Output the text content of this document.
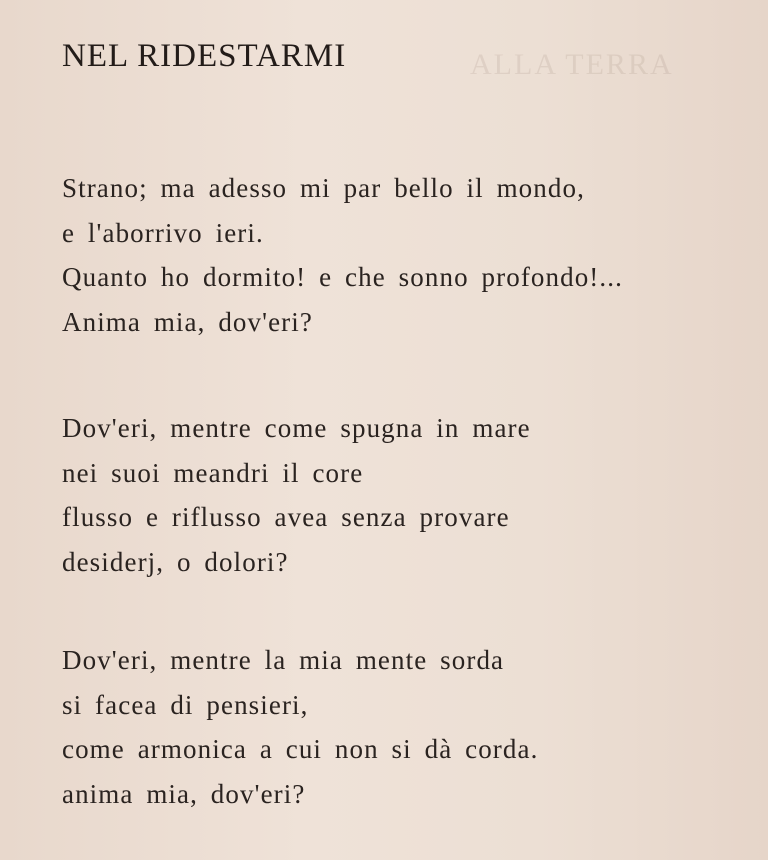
ALLA TERRA
NEL RIDESTARMI

Strano; ma adesso mi par bello il mondo,
e l'aborrivo ieri.
Quanto ho dormito! e che sonno profondo!...
Anima mia, dov'eri?

Dov'eri, mentre come spugna in mare
nei suoi meandri il core
flusso e riflusso avea senza provare
desiderj, o dolori?

Dov'eri, mentre la mia mente sorda
si facea di pensieri,
come armonica a cui non si dà corda.
anima mia, dov'eri?
